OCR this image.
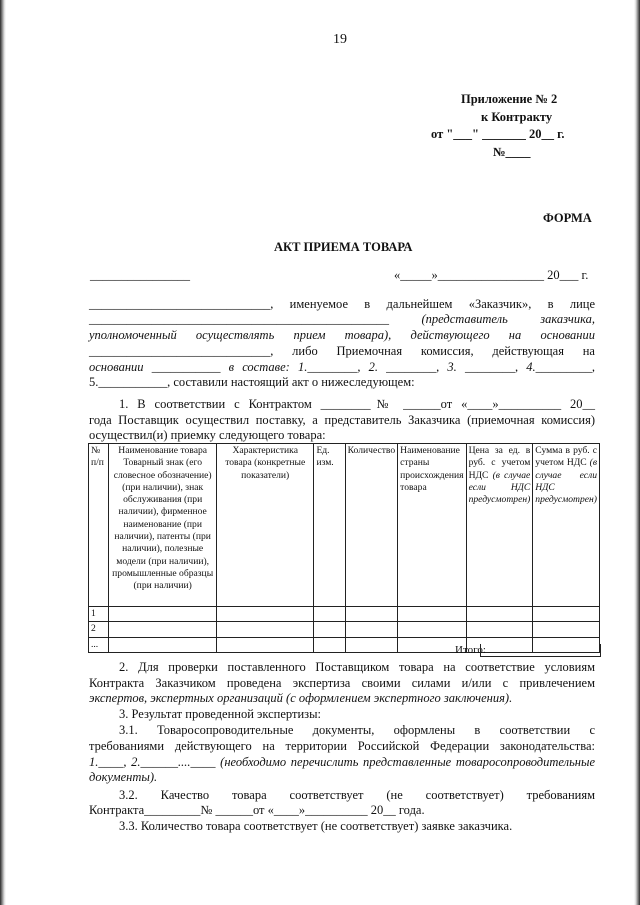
19
Приложение № 2
к Контракту
от "___" _______ 20__ г.
№____
ФОРМА
АКТ ПРИЕМА ТОВАРА
________________	«_____»_________________ 20___ г.
_____________________________, именуемое в дальнейшем «Заказчик», в лице
________________________________________________ (представитель заказчика,
уполномоченный осуществлять прием товара), действующего на основании
_____________________________, либо Приемочная комиссия, действующая на
основании ___________ в составе: 1.________, 2. ________, 3. ________, 4._________,
5.___________, составили настоящий акт о нижеследующем:
1. В соответствии с Контрактом ________№ ______от «____»__________ 20__
года Поставщик осуществил поставку, а представитель Заказчика (приемочная комиссия)
осуществил(и) приемку следующего товара:
№ п/п	Наименование товара Товарный знак (его словесное обозначение) (при наличии), знак обслуживания (при наличии), фирменное наименование (при наличии), патенты (при наличии), полезные модели (при наличии), промышленные образцы (при наличии)	Характеристика товара (конкретные показатели)	Ед. изм.	Количество	Наименование страны происхождения товара	Цена за ед. в руб. с учетом НДС (в случае если НДС предусмотрен)	Сумма в руб. с учетом НДС (в случае если НДС предусмотрен)
1							
2							
...								Итого:
2. Для проверки поставленного Поставщиком товара на соответствие условиям
Контракта Заказчиком проведена экспертиза своими силами и/или с привлечением
экспертов, экспертных организаций (с оформлением экспертного заключения).
3. Результат проведенной экспертизы:
3.1. Товаросопроводительные документы, оформлены в соответствии с
требованиями действующего на территории Российской Федерации законодательства:
1.____, 2.______....____ (необходимо перечислить представленные товаросопроводительные
документы).
3.2. Качество товара соответствует (не соответствует) требованиям
Контракта_________№ ______от «____»__________ 20__ года.
3.3. Количество товара соответствует (не соответствует) заявке заказчика.
